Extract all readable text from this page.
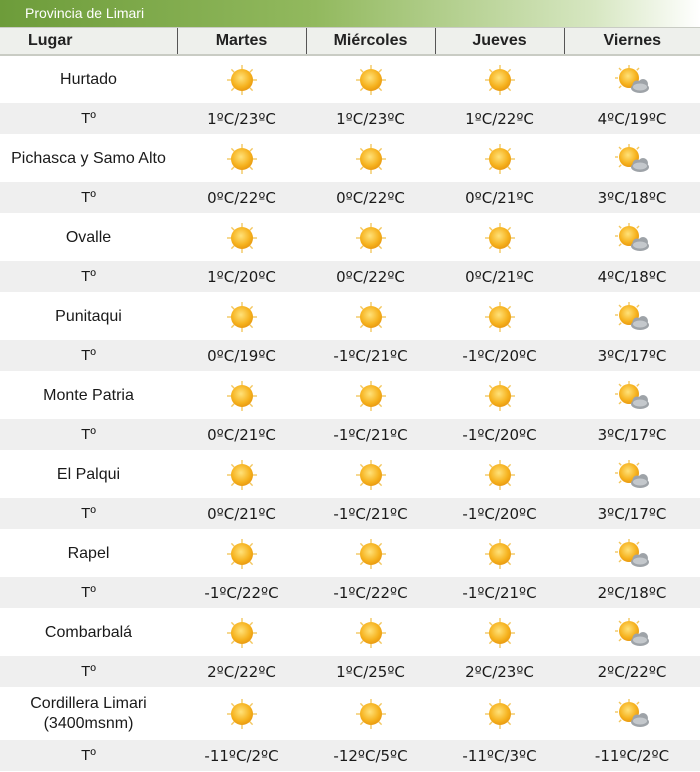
Provincia de Limari
Lugar	Martes	Miércoles	Jueves	Viernes
Hurtado				
Tº	1ºC/23ºC	1ºC/23ºC	1ºC/22ºC	4ºC/19ºC
Pichasca y Samo Alto				
Tº	0ºC/22ºC	0ºC/22ºC	0ºC/21ºC	3ºC/18ºC
Ovalle				
Tº	1ºC/20ºC	0ºC/22ºC	0ºC/21ºC	4ºC/18ºC
Punitaqui				
Tº	0ºC/19ºC	-1ºC/21ºC	-1ºC/20ºC	3ºC/17ºC
Monte Patria				
Tº	0ºC/21ºC	-1ºC/21ºC	-1ºC/20ºC	3ºC/17ºC
El Palqui				
Tº	0ºC/21ºC	-1ºC/21ºC	-1ºC/20ºC	3ºC/17ºC
Rapel				
Tº	-1ºC/22ºC	-1ºC/22ºC	-1ºC/21ºC	2ºC/18ºC
Combarbalá				
Tº	2ºC/22ºC	1ºC/25ºC	2ºC/23ºC	2ºC/22ºC
Cordillera Limari
(3400msnm)				
Tº	-11ºC/2ºC	-12ºC/5ºC	-11ºC/3ºC	-11ºC/2ºC
